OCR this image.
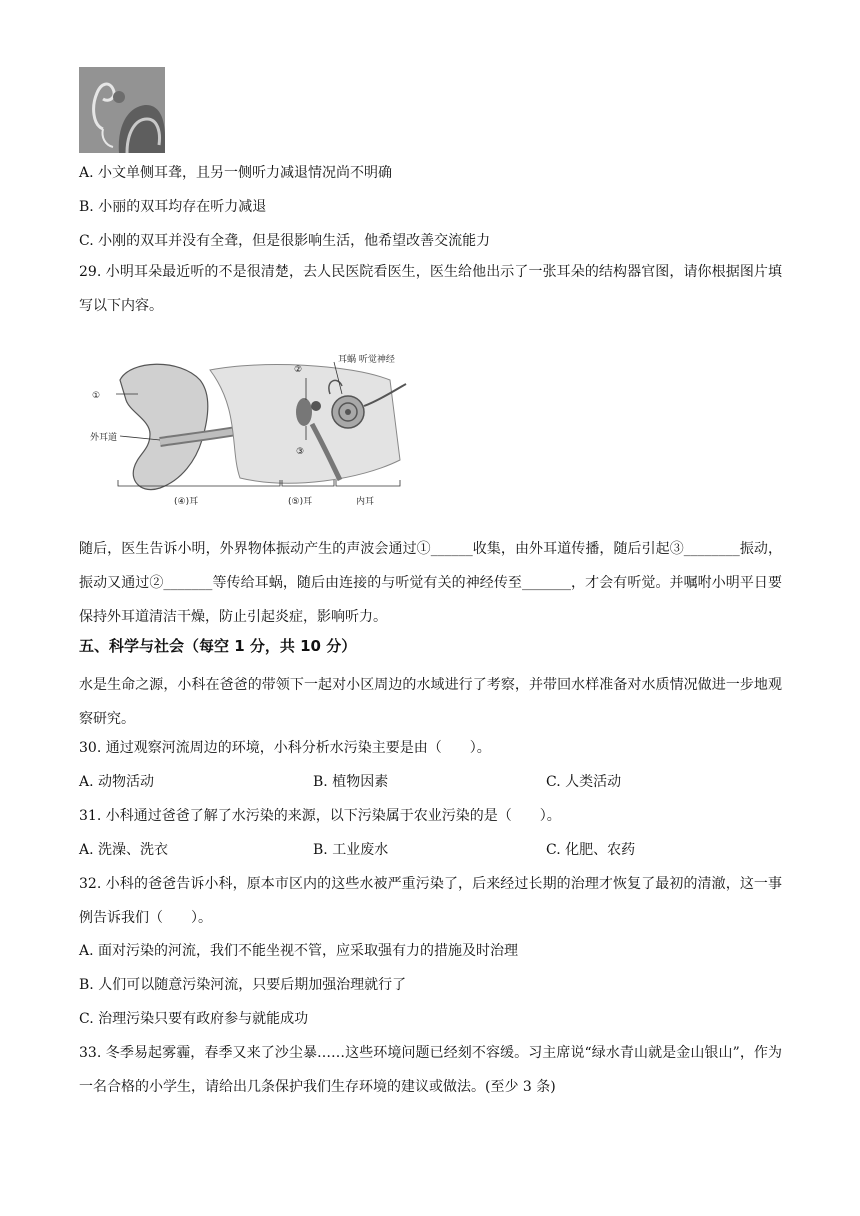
A. 小文单侧耳聋，且另一侧听力减退情况尚不明确
B. 小丽的双耳均存在听力减退
C. 小刚的双耳并没有全聋，但是很影响生活，他希望改善交流能力
29. 小明耳朵最近听的不是很清楚，去人民医院看医生，医生给他出示了一张耳朵的结构器官图，请你根据图片填写以下内容。
①
外耳道
②
耳蜗 听觉神经
③
(④)耳	(⑤)耳	内耳
随后，医生告诉小明，外界物体振动产生的声波会通过①______收集，由外耳道传播，随后引起③________振动，振动又通过②_______等传给耳蜗，随后由连接的与听觉有关的神经传至_______，才会有听觉。并嘱咐小明平日要保持外耳道清洁干燥，防止引起炎症，影响听力。
五、科学与社会（每空 1 分，共 10 分）
水是生命之源，小科在爸爸的带领下一起对小区周边的水域进行了考察，并带回水样准备对水质情况做进一步地观察研究。
30. 通过观察河流周边的环境，小科分析水污染主要是由（　　）。
A. 动物活动	B. 植物因素	C. 人类活动
31. 小科通过爸爸了解了水污染的来源，以下污染属于农业污染的是（　　）。
A. 洗澡、洗衣	B. 工业废水	C. 化肥、农药
32. 小科的爸爸告诉小科，原本市区内的这些水被严重污染了，后来经过长期的治理才恢复了最初的清澈，这一事例告诉我们（　　）。
A. 面对污染的河流，我们不能坐视不管，应采取强有力的措施及时治理
B. 人们可以随意污染河流，只要后期加强治理就行了
C. 治理污染只要有政府参与就能成功
33. 冬季易起雾霾，春季又来了沙尘暴……这些环境问题已经刻不容缓。习主席说“绿水青山就是金山银山”，作为一名合格的小学生，请给出几条保护我们生存环境的建议或做法。(至少 3 条)
